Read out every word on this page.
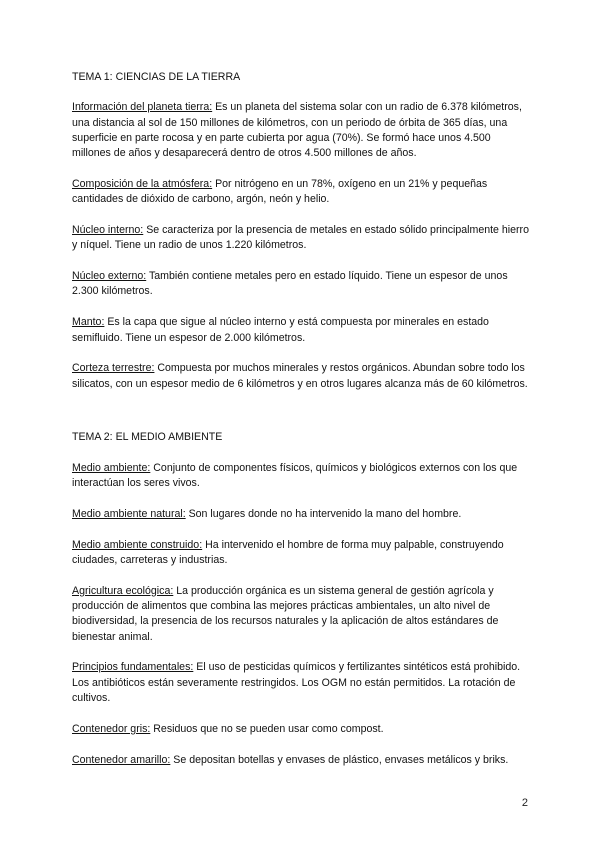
TEMA 1: CIENCIAS DE LA TIERRA

Información del planeta tierra: Es un planeta del sistema solar con un radio de 6.378 kilómetros, una distancia al sol de 150 millones de kilómetros, con un periodo de órbita de 365 días, una superficie en parte rocosa y en parte cubierta por agua (70%). Se formó hace unos 4.500 millones de años y desaparecerá dentro de otros 4.500 millones de años.

Composición de la atmósfera: Por nitrógeno en un 78%, oxígeno en un 21% y pequeñas cantidades de dióxido de carbono, argón, neón y helio.

Núcleo interno: Se caracteriza por la presencia de metales en estado sólido principalmente hierro y níquel. Tiene un radio de unos 1.220 kilómetros.

Núcleo externo: También contiene metales pero en estado líquido. Tiene un espesor de unos 2.300 kilómetros.

Manto: Es la capa que sigue al núcleo interno y está compuesta por minerales en estado semifluido. Tiene un espesor de 2.000 kilómetros.

Corteza terrestre: Compuesta por muchos minerales y restos orgánicos. Abundan sobre todo los silicatos, con un espesor medio de 6 kilómetros y en otros lugares alcanza más de 60 kilómetros.

TEMA 2: EL MEDIO AMBIENTE

Medio ambiente: Conjunto de componentes físicos, químicos y biológicos externos con los que interactúan los seres vivos.

Medio ambiente natural: Son lugares donde no ha intervenido la mano del hombre.

Medio ambiente construido: Ha intervenido el hombre de forma muy palpable, construyendo ciudades, carreteras y industrias.

Agricultura ecológica: La producción orgánica es un sistema general de gestión agrícola y producción de alimentos que combina las mejores prácticas ambientales, un alto nivel de biodiversidad, la presencia de los recursos naturales y la aplicación de altos estándares de bienestar animal.

Principios fundamentales: El uso de pesticidas químicos y fertilizantes sintéticos está prohibido. Los antibióticos están severamente restringidos. Los OGM no están permitidos. La rotación de cultivos.

Contenedor gris: Residuos que no se pueden usar como compost.

Contenedor amarillo: Se depositan botellas y envases de plástico, envases metálicos y briks.

2
